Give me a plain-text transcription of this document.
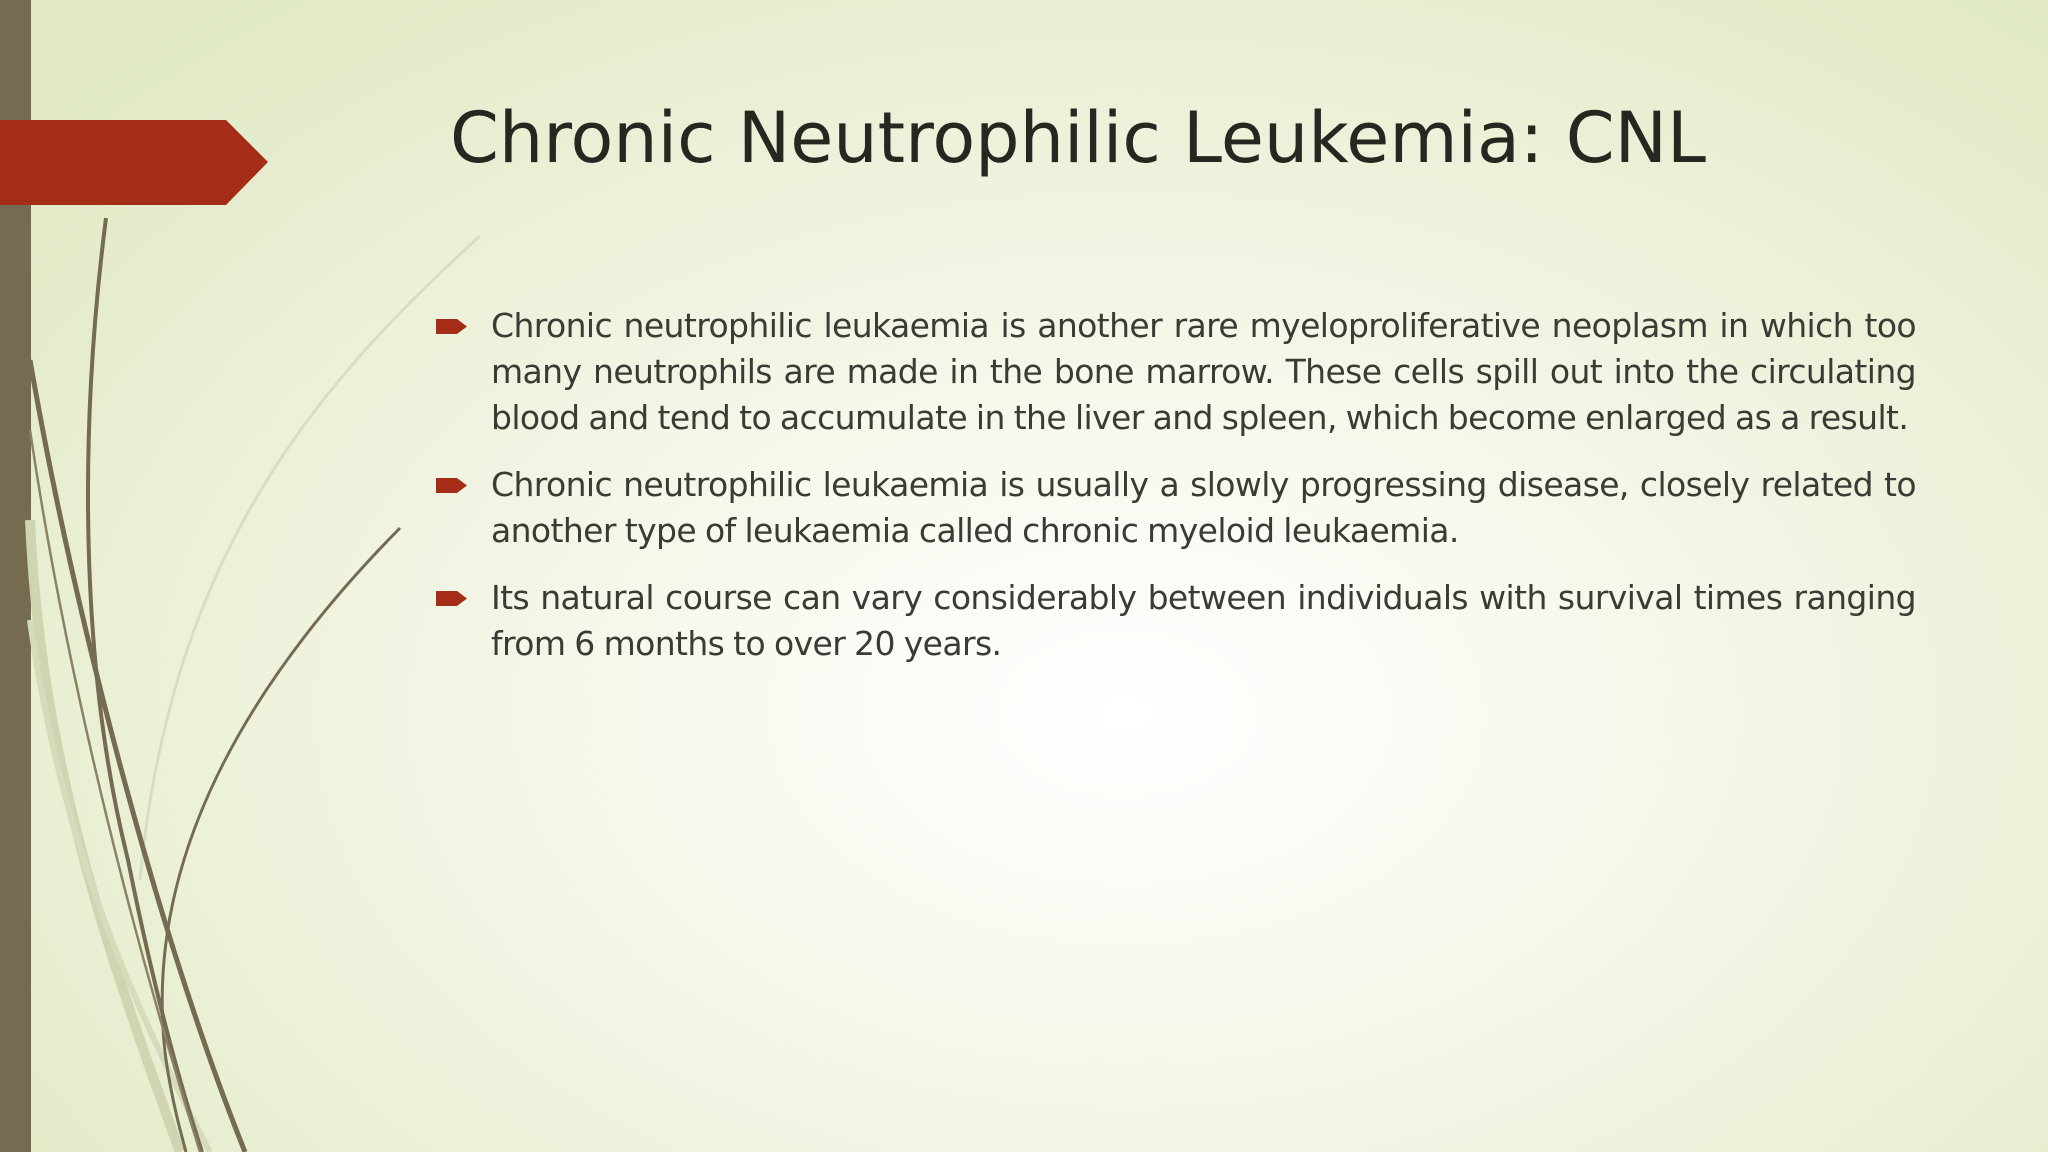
Chronic Neutrophilic Leukemia: CNL
Chronic neutrophilic leukaemia is another rare myeloproliferative neoplasm in which too many neutrophils are made in the bone marrow. These cells spill out into the circulating blood and tend to accumulate in the liver and spleen, which become enlarged as a result.
Chronic neutrophilic leukaemia is usually a slowly progressing disease, closely related to another type of leukaemia called chronic myeloid leukaemia.
Its natural course can vary considerably between individuals with survival times ranging from 6 months to over 20 years.
